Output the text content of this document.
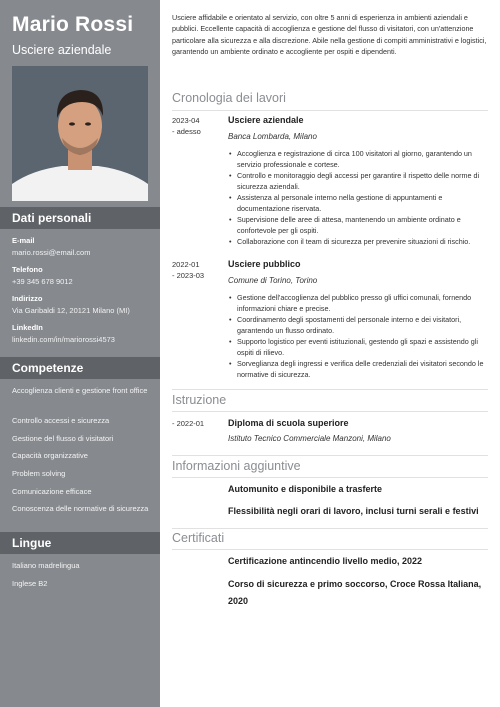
Mario Rossi
Usciere aziendale
Dati personali
E-mail
mario.rossi@email.com
Telefono
+39 345 678 9012
Indirizzo
Via Garibaldi 12, 20121 Milano (MI)
LinkedIn
linkedin.com/in/mariorossi4573
Competenze
Accoglienza clienti e gestione front office
Controllo accessi e sicurezza
Gestione del flusso di visitatori
Capacità organizzative
Problem solving
Comunicazione efficace
Conoscenza delle normative di sicurezza
Lingue
Italiano madrelingua
Inglese B2

Usciere affidabile e orientato al servizio, con oltre 5 anni di esperienza in ambienti aziendali e pubblici. Eccellente capacità di accoglienza e gestione del flusso di visitatori, con un'attenzione particolare alla sicurezza e alla discrezione. Abile nella gestione di compiti amministrativi e logistici, garantendo un ambiente ordinato e accogliente per ospiti e dipendenti.

Cronologia dei lavori
2023-04
- adesso
Usciere aziendale
Banca Lombarda, Milano
• Accoglienza e registrazione di circa 100 visitatori al giorno, garantendo un servizio professionale e cortese.
• Controllo e monitoraggio degli accessi per garantire il rispetto delle norme di sicurezza aziendali.
• Assistenza al personale interno nella gestione di appuntamenti e documentazione riservata.
• Supervisione delle aree di attesa, mantenendo un ambiente ordinato e confortevole per gli ospiti.
• Collaborazione con il team di sicurezza per prevenire situazioni di rischio.
2022-01
- 2023-03
Usciere pubblico
Comune di Torino, Torino
• Gestione dell'accoglienza del pubblico presso gli uffici comunali, fornendo informazioni chiare e precise.
• Coordinamento degli spostamenti del personale interno e dei visitatori, garantendo un flusso ordinato.
• Supporto logistico per eventi istituzionali, gestendo gli spazi e assistendo gli ospiti di rilievo.
• Sorveglianza degli ingressi e verifica delle credenziali dei visitatori secondo le normative di sicurezza.
Istruzione
- 2022-01	Diploma di scuola superiore
Istituto Tecnico Commerciale Manzoni, Milano
Informazioni aggiuntive
Automunito e disponibile a trasferte
Flessibilità negli orari di lavoro, inclusi turni serali e festivi
Certificati
Certificazione antincendio livello medio, 2022
Corso di sicurezza e primo soccorso, Croce Rossa Italiana, 2020
